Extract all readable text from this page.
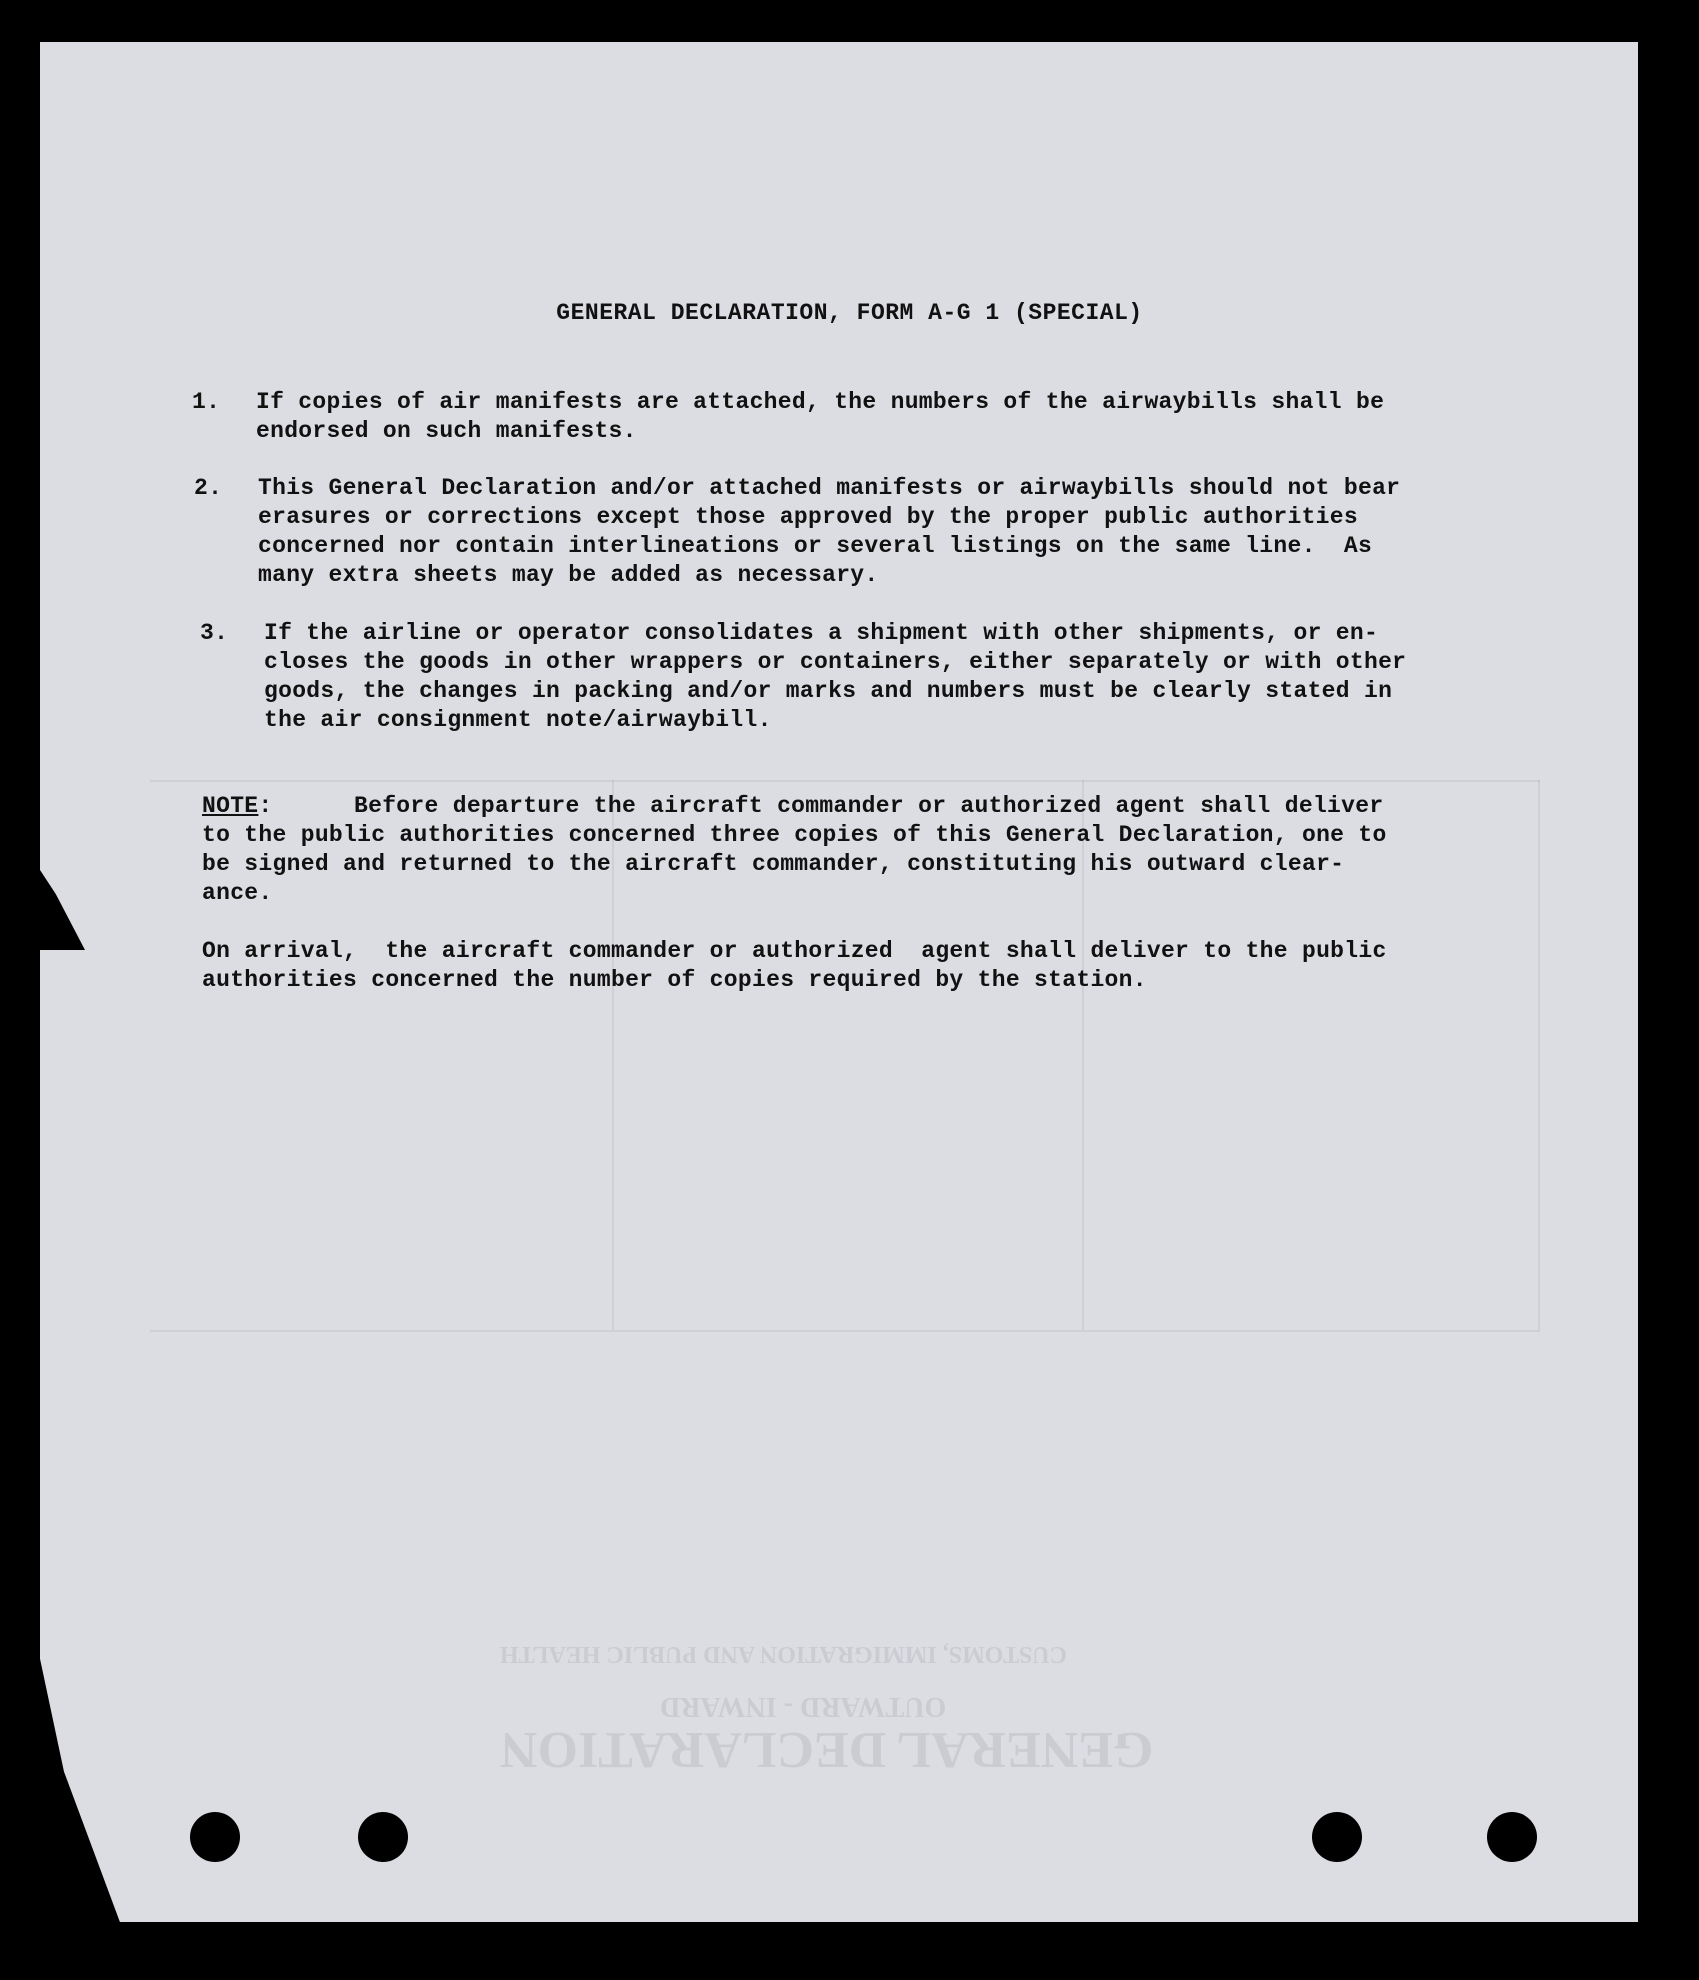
GENERAL DECLARATION
OUTWARD - INWARD
CUSTOMS, IMMIGRATION AND PUBLIC HEALTH
GENERAL DECLARATION, FORM A-G 1 (SPECIAL)

1.

If copies of air manifests are attached, the numbers of the airwaybills shall be

endorsed on such manifests.

2.

This General Declaration and/or attached manifests or airwaybills should not bear

erasures or corrections except those approved by the proper public authorities

concerned nor contain interlineations or several listings on the same line.  As

many extra sheets may be added as necessary.

3.

If the airline or operator consolidates a shipment with other shipments, or en-

closes the goods in other wrappers or containers, either separately or with other

goods, the changes in packing and/or marks and numbers must be clearly stated in

the air consignment note/airwaybill.

NOTE:

	Before departure the aircraft commander or authorized agent shall deliver

to the public authorities concerned three copies of this General Declaration, one to

be signed and returned to the aircraft commander, constituting his outward clear-

ance.

On arrival,  the aircraft commander or authorized  agent shall deliver to the public

authorities concerned the number of copies required by the station.
